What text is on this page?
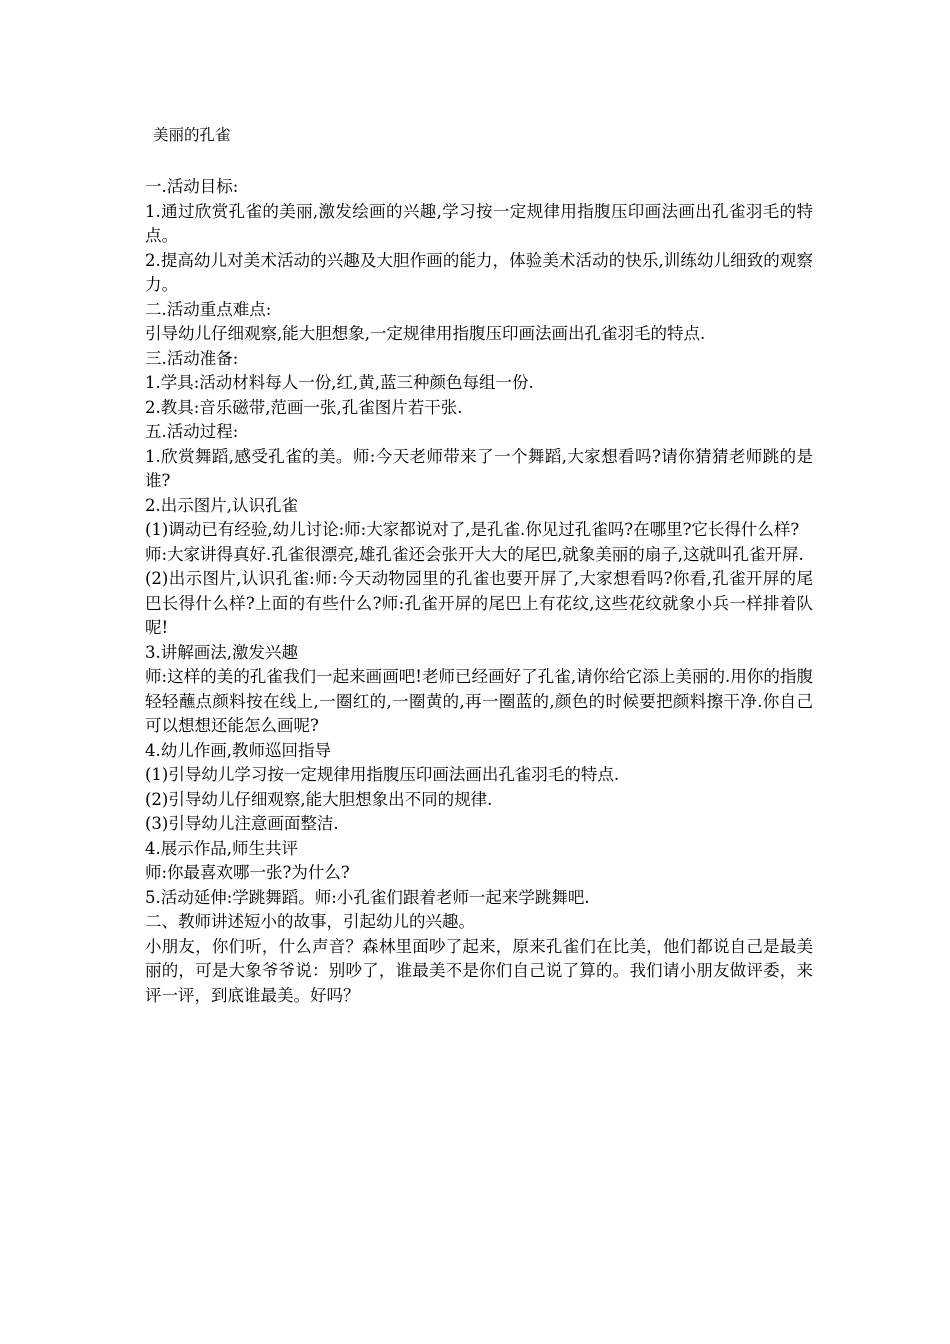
美丽的孔雀

一.活动目标:

1.通过欣赏孔雀的美丽,激发绘画的兴趣,学习按一定规律用指腹压印画法画出孔雀羽毛的特点。

2.提高幼儿对美术活动的兴趣及大胆作画的能力，体验美术活动的快乐,训练幼儿细致的观察力。

二.活动重点难点:

引导幼儿仔细观察,能大胆想象,一定规律用指腹压印画法画出孔雀羽毛的特点.

三.活动准备:

1.学具:活动材料每人一份,红,黄,蓝三种颜色每组一份.

2.教具:音乐磁带,范画一张,孔雀图片若干张.

五.活动过程:

1.欣赏舞蹈,感受孔雀的美。师:今天老师带来了一个舞蹈,大家想看吗?请你猜猜老师跳的是谁?

2.出示图片,认识孔雀

(1)调动已有经验,幼儿讨论:师:大家都说对了,是孔雀.你见过孔雀吗?在哪里?它长得什么样?

师:大家讲得真好.孔雀很漂亮,雄孔雀还会张开大大的尾巴,就象美丽的扇子,这就叫孔雀开屏.

(2)出示图片,认识孔雀:师:今天动物园里的孔雀也要开屏了,大家想看吗?你看,孔雀开屏的尾巴长得什么样?上面的有些什么?师:孔雀开屏的尾巴上有花纹,这些花纹就象小兵一样排着队呢!

3.讲解画法,激发兴趣

师:这样的美的孔雀我们一起来画画吧!老师已经画好了孔雀,请你给它添上美丽的.用你的指腹轻轻蘸点颜料按在线上,一圈红的,一圈黄的,再一圈蓝的,颜色的时候要把颜料擦干净.你自己可以想想还能怎么画呢?

4.幼儿作画,教师巡回指导

(1)引导幼儿学习按一定规律用指腹压印画法画出孔雀羽毛的特点.

(2)引导幼儿仔细观察,能大胆想象出不同的规律.

(3)引导幼儿注意画面整洁.

4.展示作品,师生共评

师:你最喜欢哪一张?为什么?

5.活动延伸:学跳舞蹈。师:小孔雀们跟着老师一起来学跳舞吧.

二、教师讲述短小的故事，引起幼儿的兴趣。

小朋友，你们听，什么声音？森林里面吵了起来，原来孔雀们在比美，他们都说自己是最美丽的，可是大象爷爷说：别吵了，谁最美不是你们自己说了算的。我们请小朋友做评委，来评一评，到底谁最美。好吗？
